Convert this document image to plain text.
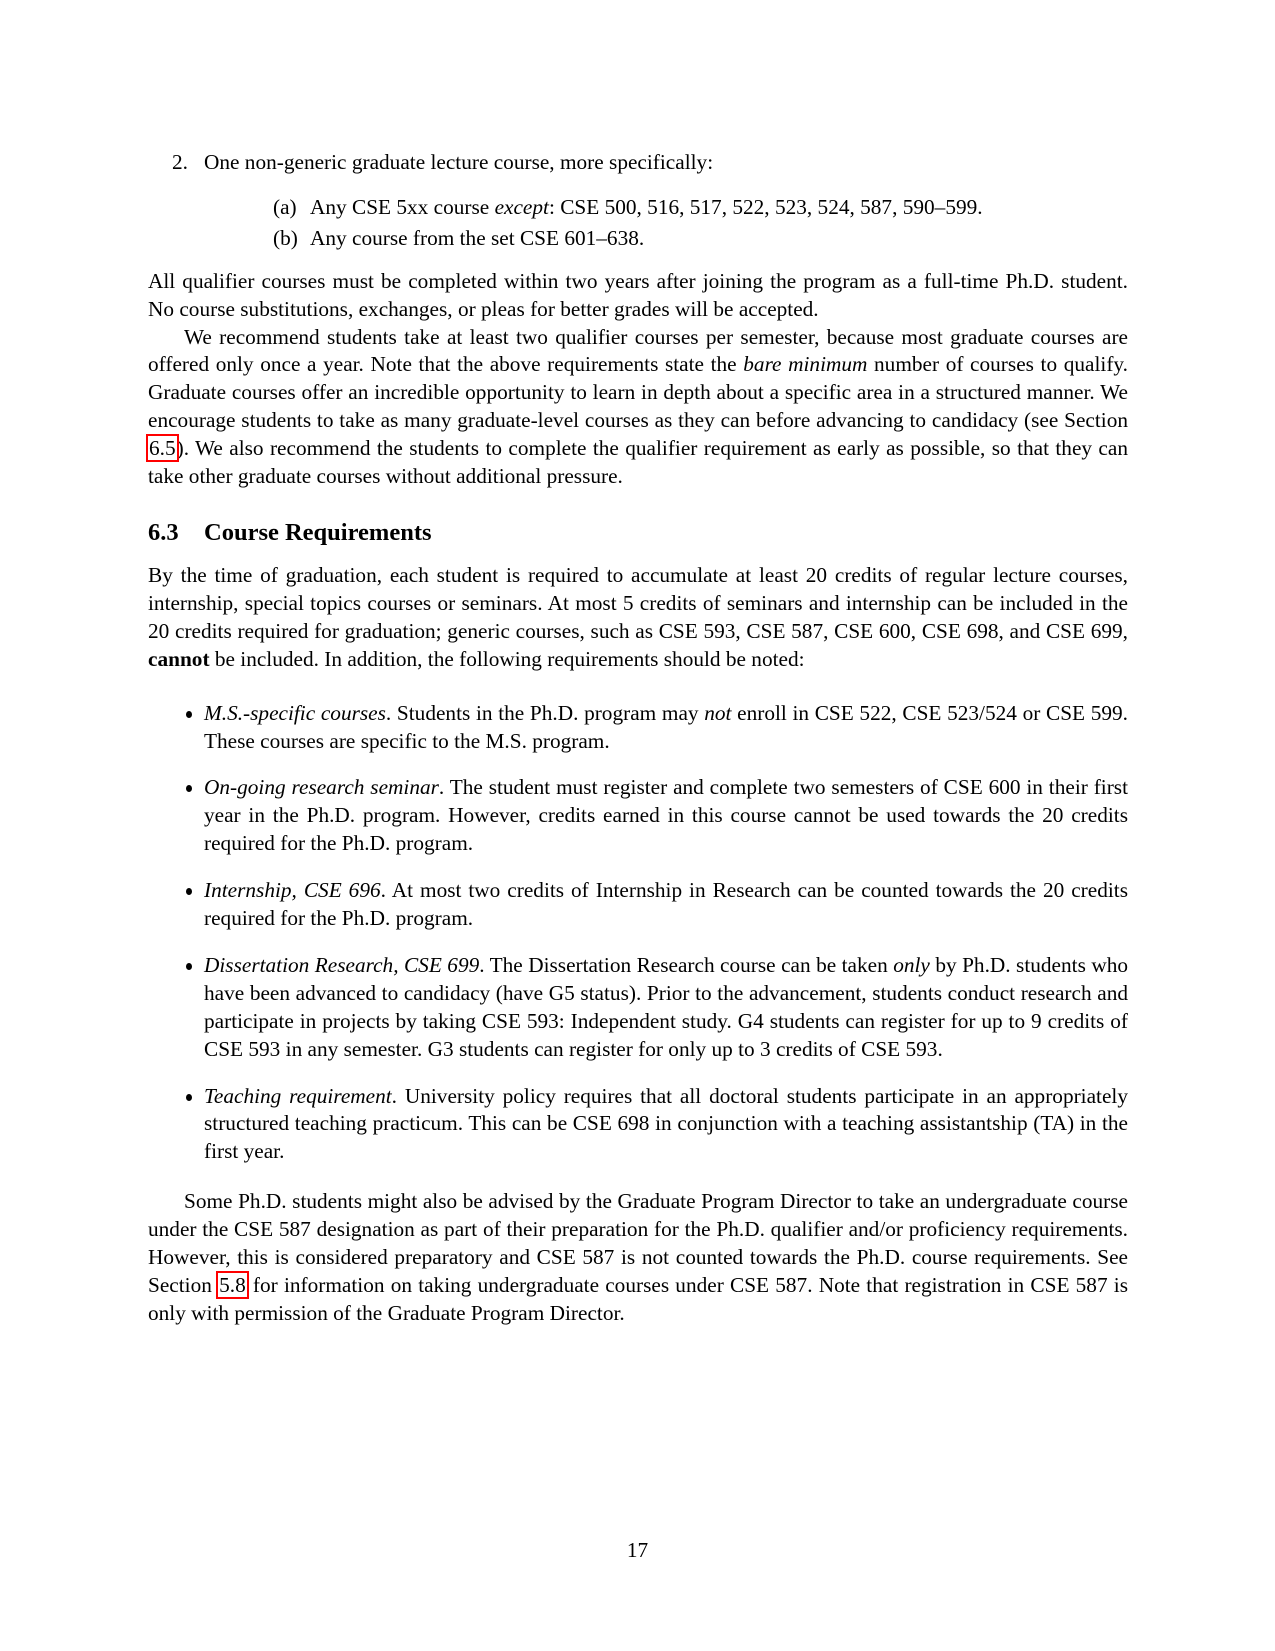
2. One non-generic graduate lecture course, more specifically:
(a) Any CSE 5xx course except: CSE 500, 516, 517, 522, 523, 524, 587, 590–599.
(b) Any course from the set CSE 601–638.

All qualifier courses must be completed within two years after joining the program as a full-time Ph.D. student. No course substitutions, exchanges, or pleas for better grades will be accepted.

We recommend students take at least two qualifier courses per semester, because most graduate courses are offered only once a year. Note that the above requirements state the bare minimum number of courses to qualify. Graduate courses offer an incredible opportunity to learn in depth about a specific area in a structured manner. We encourage students to take as many graduate-level courses as they can before advancing to candidacy (see Section 6.5). We also recommend the students to complete the qualifier requirement as early as possible, so that they can take other graduate courses without additional pressure.

6.3 Course Requirements

By the time of graduation, each student is required to accumulate at least 20 credits of regular lecture courses, internship, special topics courses or seminars. At most 5 credits of seminars and internship can be included in the 20 credits required for graduation; generic courses, such as CSE 593, CSE 587, CSE 600, CSE 698, and CSE 699, cannot be included. In addition, the following requirements should be noted:

M.S.-specific courses. Students in the Ph.D. program may not enroll in CSE 522, CSE 523/524 or CSE 599. These courses are specific to the M.S. program.
On-going research seminar. The student must register and complete two semesters of CSE 600 in their first year in the Ph.D. program. However, credits earned in this course cannot be used towards the 20 credits required for the Ph.D. program.
Internship, CSE 696. At most two credits of Internship in Research can be counted towards the 20 credits required for the Ph.D. program.
Dissertation Research, CSE 699. The Dissertation Research course can be taken only by Ph.D. students who have been advanced to candidacy (have G5 status). Prior to the advancement, students conduct research and participate in projects by taking CSE 593: Independent study. G4 students can register for up to 9 credits of CSE 593 in any semester. G3 students can register for only up to 3 credits of CSE 593.
Teaching requirement. University policy requires that all doctoral students participate in an appropriately structured teaching practicum. This can be CSE 698 in conjunction with a teaching assistantship (TA) in the first year.

Some Ph.D. students might also be advised by the Graduate Program Director to take an undergraduate course under the CSE 587 designation as part of their preparation for the Ph.D. qualifier and/or proficiency requirements. However, this is considered preparatory and CSE 587 is not counted towards the Ph.D. course requirements. See Section 5.8 for information on taking undergraduate courses under CSE 587. Note that registration in CSE 587 is only with permission of the Graduate Program Director.

17
